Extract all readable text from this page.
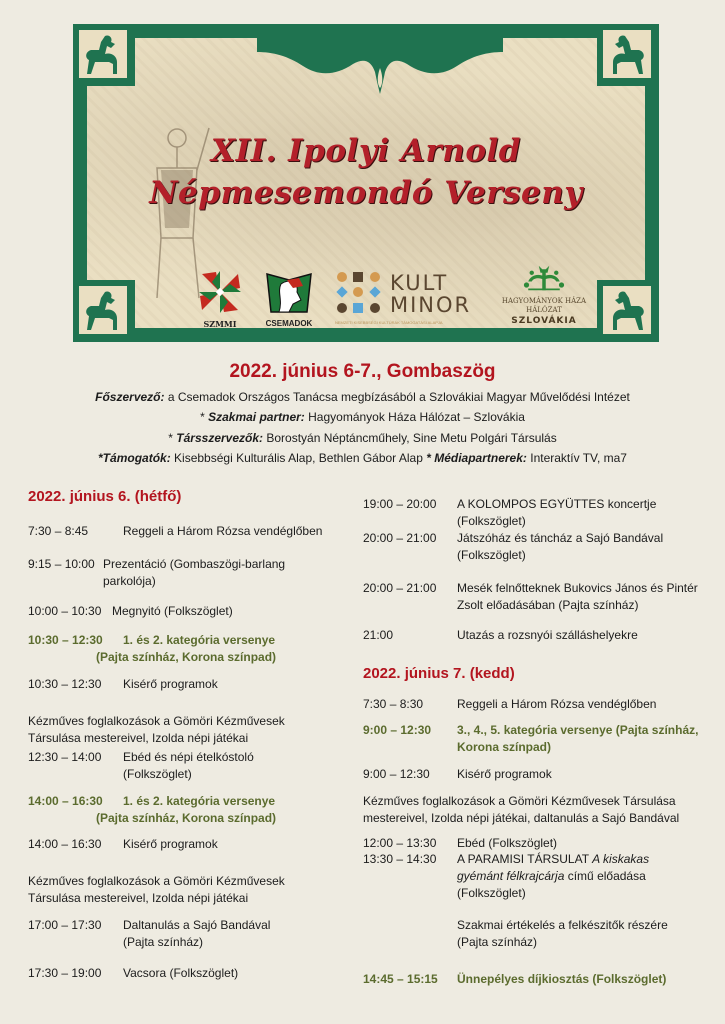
XII. Ipolyi Arnold
Népmesemondó Verseny
SZMMI	CSEMADOK
KULT
MINOR
NEMZETI KISEBBSÉGI KULTÚRÁK TÁMOGATÁSI ALAPJA
HAGYOMÁNYOK HÁZA
HÁLÓZAT
SZLOVÁKIA
2022. június 6-7., Gombaszög
Főszervező: a Csemadok Országos Tanácsa megbízásából a Szlovákiai Magyar Művelődési Intézet
* Szakmai partner: Hagyományok Háza Hálózat – Szlovákia
* Társszervezők: Borostyán Néptáncműhely, Sine Metu Polgári Társulás
*Támogatók: Kisebbségi Kulturális Alap, Bethlen Gábor Alap * Médiapartnerek: Interaktív TV, ma7
2022. június 6. (hétfő)
7:30 – 8:45	Reggeli a Három Rózsa vendéglőben
9:15 – 10:00 Prezentáció (Gombaszögi-barlang parkolója)
10:00 – 10:30 Megnyitó (Folkszöglet)
10:30 – 12:30 1. és 2. kategória versenye
(Pajta színház, Korona színpad)
10:30 – 12:30 Kisérő programok
Kézműves foglalkozások a Gömöri Kézművesek Társulása mestereivel, Izolda népi játékai
12:30 – 14:00 Ebéd és népi ételkóstoló (Folkszöglet)
14:00 – 16:30 1. és 2. kategória versenye
(Pajta színház, Korona színpad)
14:00 – 16:30 Kisérő programok
Kézműves foglalkozások a Gömöri Kézművesek Társulása mestereivel, Izolda népi játékai
17:00 – 17:30 Daltanulás a Sajó Bandával (Pajta színház)
17:30 – 19:00 Vacsora (Folkszöglet)
19:00 – 20:00 A KOLOMPOS EGYÜTTES koncertje (Folkszöglet)
20:00 – 21:00 Játszóház és táncház a Sajó Bandával (Folkszöglet)
20:00 – 21:00 Mesék felnőtteknek Bukovics János és Pintér Zsolt előadásában (Pajta színház)
21:00	Utazás a rozsnyói szálláshelyekre
2022. június 7. (kedd)
7:30 – 8:30	Reggeli a Három Rózsa vendéglőben
9:00 – 12:30 3., 4., 5. kategória versenye (Pajta színház, Korona színpad)
9:00 – 12:30 Kisérő programok
Kézműves foglalkozások a Gömöri Kézművesek Társulása mestereivel, Izolda népi játékai, daltanulás a Sajó Bandával
12:00 – 13:30 Ebéd (Folkszöglet)
13:30 – 14:30 A PARAMISI TÁRSULAT A kiskakas gyémánt félkrajcárja című előadása (Folkszöglet)
Szakmai értékelés a felkészitők részére (Pajta színház)
14:45 – 15:15 Ünnepélyes díjkiosztás (Folkszöglet)
